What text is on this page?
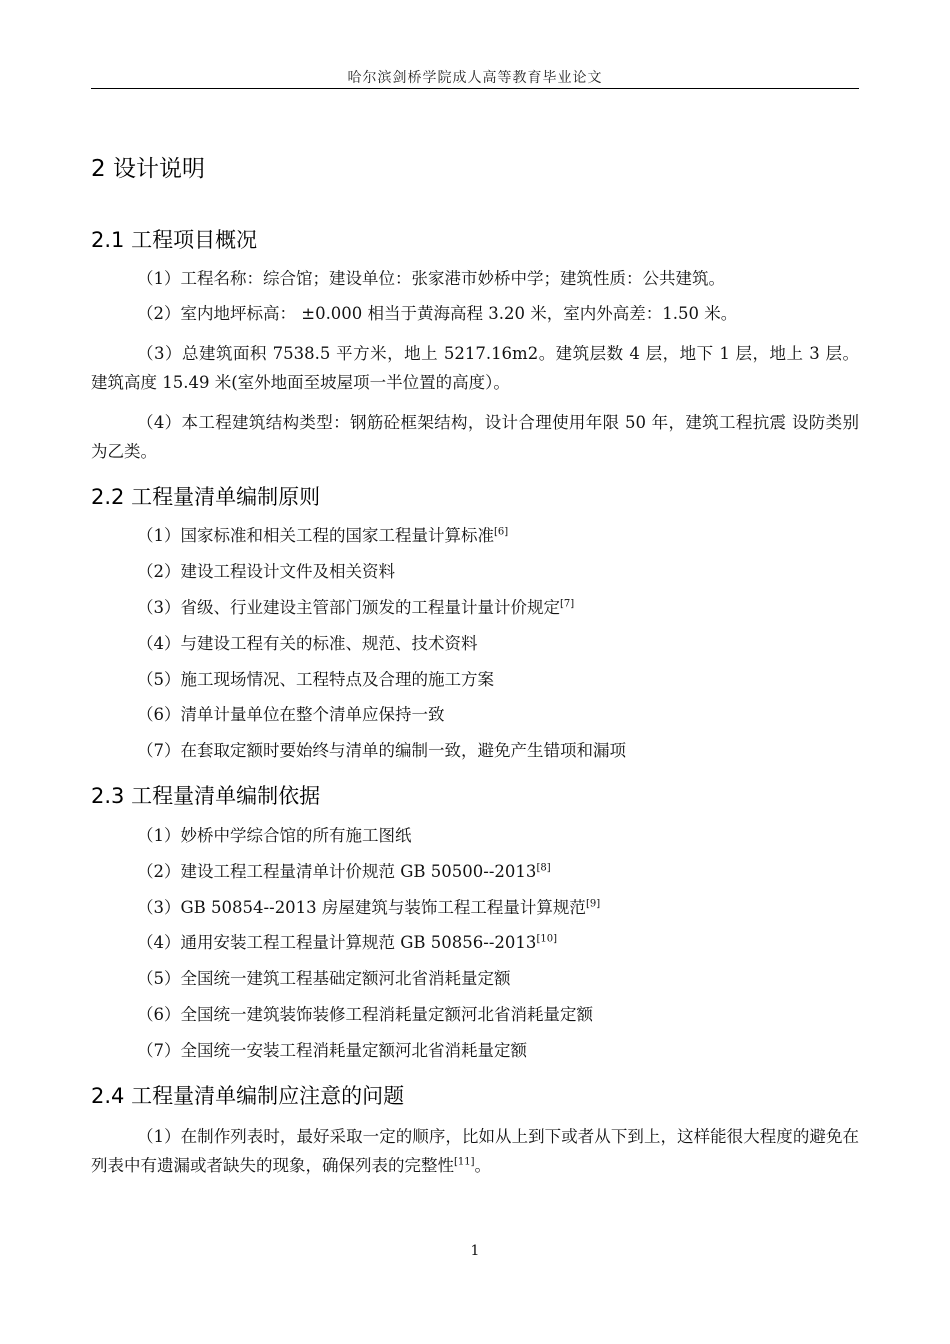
哈尔滨剑桥学院成人高等教育毕业论文
2 设计说明
2.1 工程项目概况
（1）工程名称：综合馆；建设单位：张家港市妙桥中学；建筑性质：公共建筑。
（2）室内地坪标高： ±0.000 相当于黄海高程 3.20 米，室内外高差：1.50 米。
（3）总建筑面积 7538.5 平方米，地上 5217.16m2。建筑层数 4 层，地下 1 层，地上 3 层。 建筑高度 15.49 米(室外地面至坡屋项一半位置的高度）。
（4）本工程建筑结构类型：钢筋砼框架结构，设计合理使用年限 50 年，建筑工程抗震 设防类别为乙类。
2.2 工程量清单编制原则
（1）国家标准和相关工程的国家工程量计算标准[6]
（2）建设工程设计文件及相关资料
（3）省级、行业建设主管部门颁发的工程量计量计价规定[7]
（4）与建设工程有关的标准、规范、技术资料
（5）施工现场情况、工程特点及合理的施工方案
（6）清单计量单位在整个清单应保持一致
（7）在套取定额时要始终与清单的编制一致，避免产生错项和漏项
2.3 工程量清单编制依据
（1）妙桥中学综合馆的所有施工图纸
（2）建设工程工程量清单计价规范 GB 50500--2013[8]
（3）GB 50854--2013 房屋建筑与装饰工程工程量计算规范[9]
（4）通用安装工程工程量计算规范 GB 50856--2013[10]
（5）全国统一建筑工程基础定额河北省消耗量定额
（6）全国统一建筑装饰装修工程消耗量定额河北省消耗量定额
（7）全国统一安装工程消耗量定额河北省消耗量定额
2.4 工程量清单编制应注意的问题
（1）在制作列表时，最好采取一定的顺序，比如从上到下或者从下到上，这样能很大程度的避免在列表中有遗漏或者缺失的现象，确保列表的完整性[11]。
1
